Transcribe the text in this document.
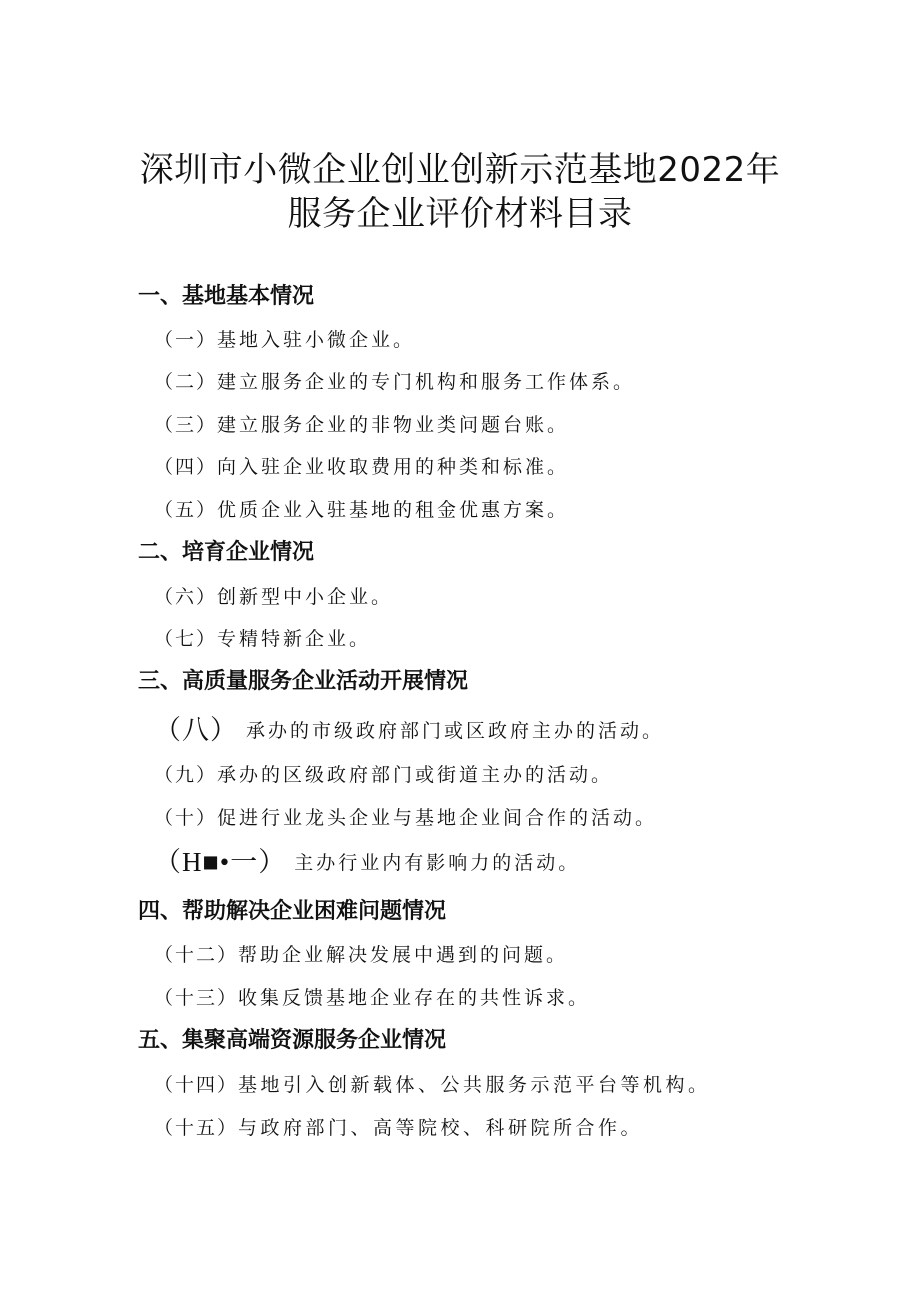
深圳市小微企业创业创新示范基地2022年
服务企业评价材料目录
一、基地基本情况
（一）基地入驻小微企业。
（二）建立服务企业的专门机构和服务工作体系。
（三）建立服务企业的非物业类问题台账。
（四）向入驻企业收取费用的种类和标准。
（五）优质企业入驻基地的租金优惠方案。
二、培育企业情况
（六）创新型中小企业。
（七）专精特新企业。
三、高质量服务企业活动开展情况
（八） 承办的市级政府部门或区政府主办的活动。
（九）承办的区级政府部门或街道主办的活动。
（十）促进行业龙头企业与基地企业间合作的活动。
（H■•一） 主办行业内有影响力的活动。
四、帮助解决企业困难问题情况
（十二）帮助企业解决发展中遇到的问题。
（十三）收集反馈基地企业存在的共性诉求。
五、集聚高端资源服务企业情况
（十四）基地引入创新载体、公共服务示范平台等机构。
（十五）与政府部门、高等院校、科研院所合作。
